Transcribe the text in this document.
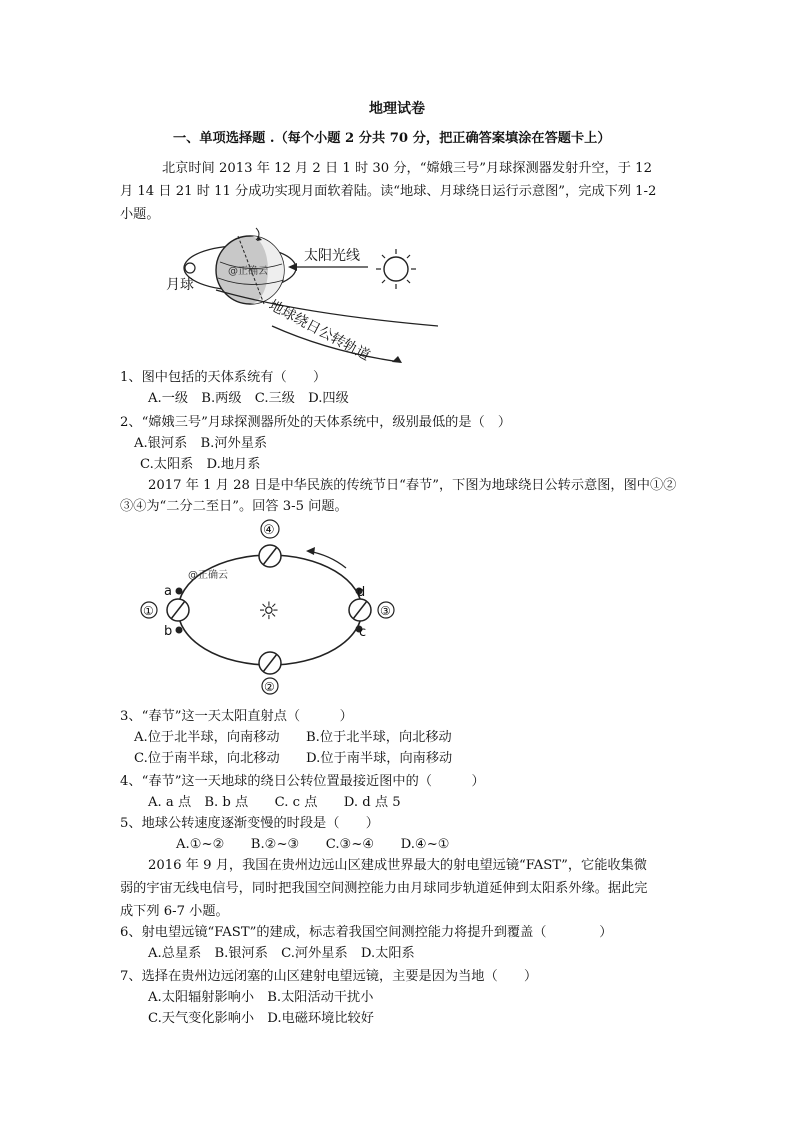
地理试卷
一、单项选择题 .（每个小题 2 分共 70 分，把正确答案填涂在答题卡上）
北京时间 2013 年 12 月 2 日 1 时 30 分，“嫦娥三号”月球探测器发射升空，于 12
月 14 日 21 时 11 分成功实现月面软着陆。读“地球、月球绕日运行示意图”，完成下列 1-2
小题。
月球
@正确云
太阳光线
地球绕日公转轨道
1、图中包括的天体系统有（　　）
A.一级　B.两级　C.三级　D.四级
2、“嫦娥三号”月球探测器所处的天体系统中，级别最低的是（　）
A.银河系　B.河外星系
C.太阳系　D.地月系
2017 年 1 月 28 日是中华民族的传统节日“春节”，下图为地球绕日公转示意图，图中①②
③④为“二分二至日”。回答 3-5 问题。
☼
④
②
①	③
a
b	c
d
@正确云
3、“春节”这一天太阳直射点（　　　）
A.位于北半球，向南移动　　B.位于北半球，向北移动
C.位于南半球，向北移动　　D.位于南半球，向南移动
4、“春节”这一天地球的绕日公转位置最接近图中的（　　　）
A. a 点　B. b 点　　C. c 点　　D. d 点 5
5、地球公转速度逐渐变慢的时段是（　　）
A.①~②　　B.②~③　　C.③~④　　D.④~①
2016 年 9 月，我国在贵州边远山区建成世界最大的射电望远镜“FAST”，它能收集微
弱的宇宙无线电信号，同时把我国空间测控能力由月球同步轨道延伸到太阳系外缘。据此完
成下列 6-7 小题。
6、射电望远镜“FAST”的建成，标志着我国空间测控能力将提升到覆盖（　　　　）
A.总星系　B.银河系　C.河外星系　D.太阳系
7、选择在贵州边远闭塞的山区建射电望远镜，主要是因为当地（　　）
A.太阳辐射影响小　B.太阳活动干扰小
C.天气变化影响小　D.电磁环境比较好
